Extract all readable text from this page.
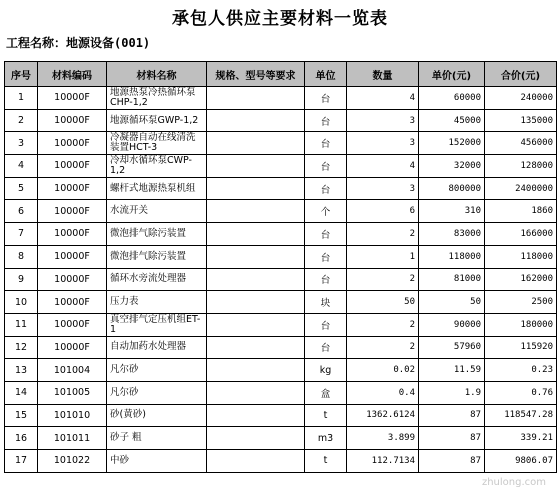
承包人供应主要材料一览表
工程名称：地源设备(001)
序号	材料编码	材料名称	规格、型号等要求	单位	数量	单价(元)	合价(元)
1	10000F	地源热泵冷热循环泵CHP-1,2		台	4	60000	240000
2	10000F	地源循环泵GWP-1,2		台	3	45000	135000
3	10000F	冷凝器自动在线清洗装置HCT-3		台	3	152000	456000
4	10000F	冷却水循环泵CWP-1,2		台	4	32000	128000
5	10000F	螺杆式地源热泵机组		台	3	800000	2400000
6	10000F	水流开关		个	6	310	1860
7	10000F	微泡排气除污装置		台	2	83000	166000
8	10000F	微泡排气除污装置		台	1	118000	118000
9	10000F	循环水旁流处理器		台	2	81000	162000
10	10000F	压力表		块	50	50	2500
11	10000F	真空排气定压机组ET-1		台	2	90000	180000
12	10000F	自动加药水处理器		台	2	57960	115920
13	101004	凡尔砂		kg	0.02	11.59	0.23
14	101005	凡尔砂		盒	0.4	1.9	0.76
15	101010	砂(黄砂)		t	1362.6124	87	118547.28
16	101011	砂子 粗		m3	3.899	87	339.21
17	101022	中砂		t	112.7134	87	9806.07
zhulong.com
